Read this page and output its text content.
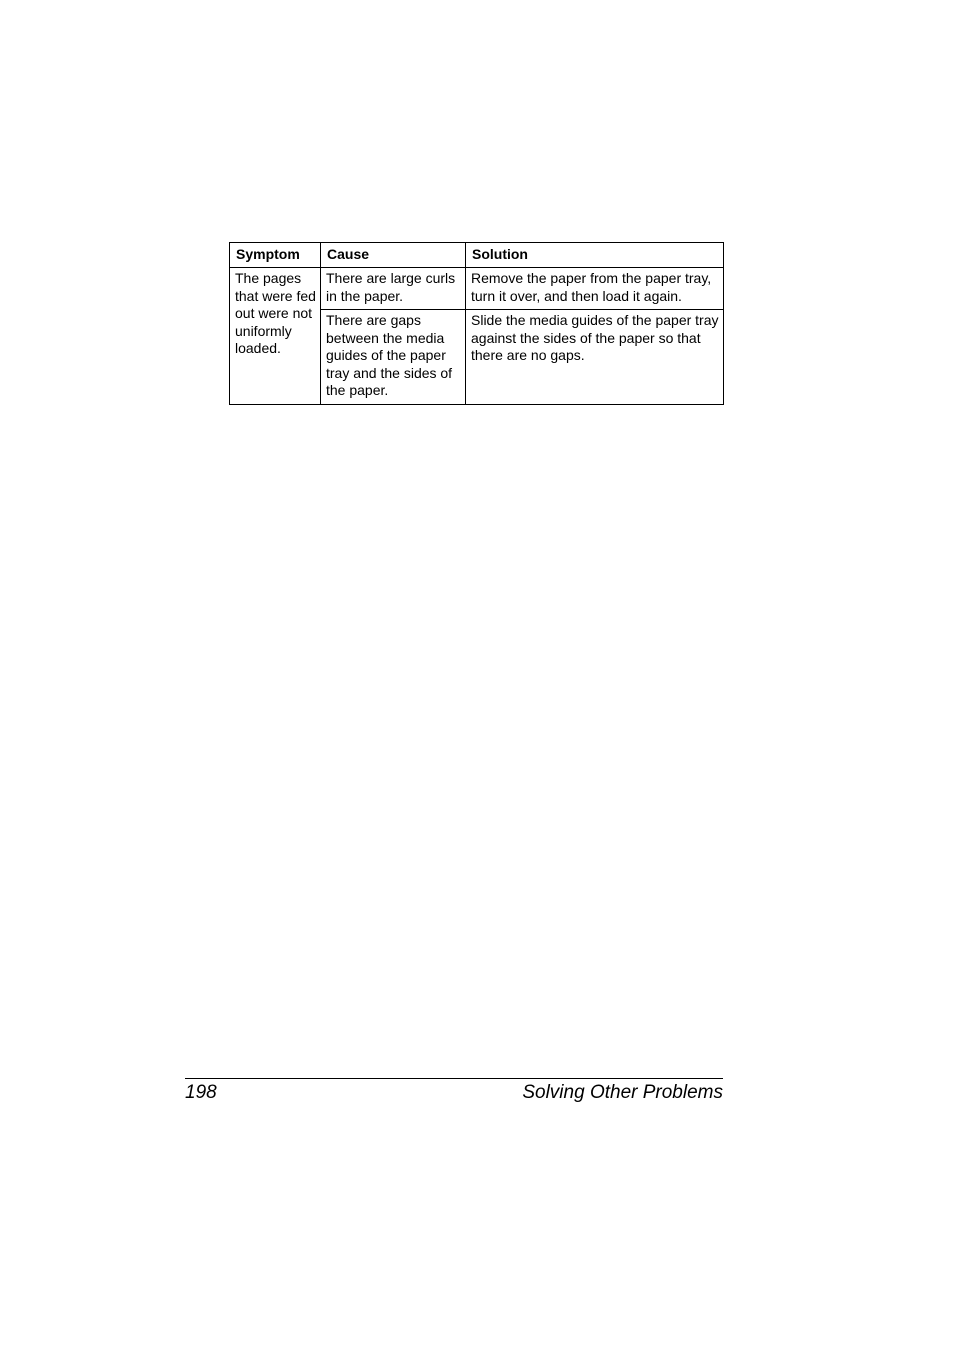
Symptom	Cause	Solution
The pages that were fed out were not uniformly loaded.	There are large curls in the paper.	Remove the paper from the paper tray, turn it over, and then load it again.
	There are gaps between the media guides of the paper tray and the sides of the paper.	Slide the media guides of the paper tray against the sides of the paper so that there are no gaps.
198	Solving Other Problems
